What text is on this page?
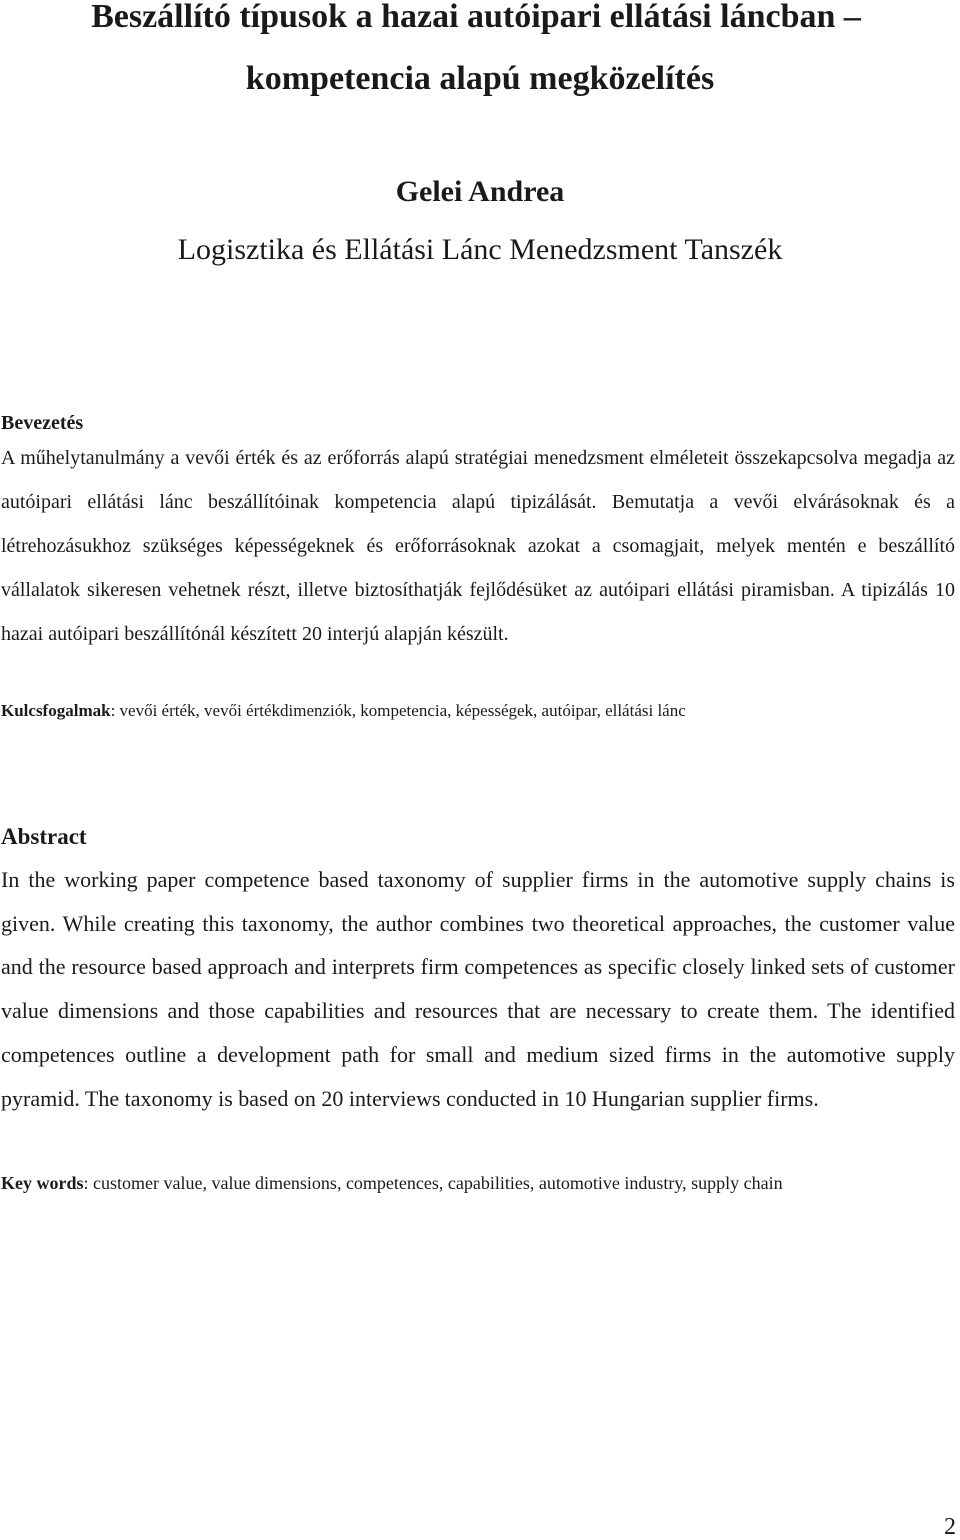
Beszállító típusok a hazai autóipari ellátási láncban –
kompetencia alapú megközelítés

Gelei Andrea

Logisztika és Ellátási Lánc Menedzsment Tanszék

Bevezetés

A műhelytanulmány a vevői érték és az erőforrás alapú stratégiai menedzsment elméleteit összekapcsolva megadja az autóipari ellátási lánc beszállítóinak kompetencia alapú tipizálását. Bemutatja a vevői elvárásoknak és a létrehozásukhoz szükséges képességeknek és erőforrásoknak azokat a csomagjait, melyek mentén e beszállító vállalatok sikeresen vehetnek részt, illetve biztosíthatják fejlődésüket az autóipari ellátási piramisban. A tipizálás 10 hazai autóipari beszállítónál készített 20 interjú alapján készült.

Kulcsfogalmak: vevői érték, vevői értékdimenziók, kompetencia, képességek, autóipar, ellátási lánc

Abstract

In the working paper competence based taxonomy of supplier firms in the automotive supply chains is given. While creating this taxonomy, the author combines two theoretical approaches, the customer value and the resource based approach and interprets firm competences as specific closely linked sets of customer value dimensions and those capabilities and resources that are necessary to create them. The identified competences outline a development path for small and medium sized firms in the automotive supply pyramid. The taxonomy is based on 20 interviews conducted in 10 Hungarian supplier firms.

Key words: customer value, value dimensions, competences, capabilities, automotive industry, supply chain

2
